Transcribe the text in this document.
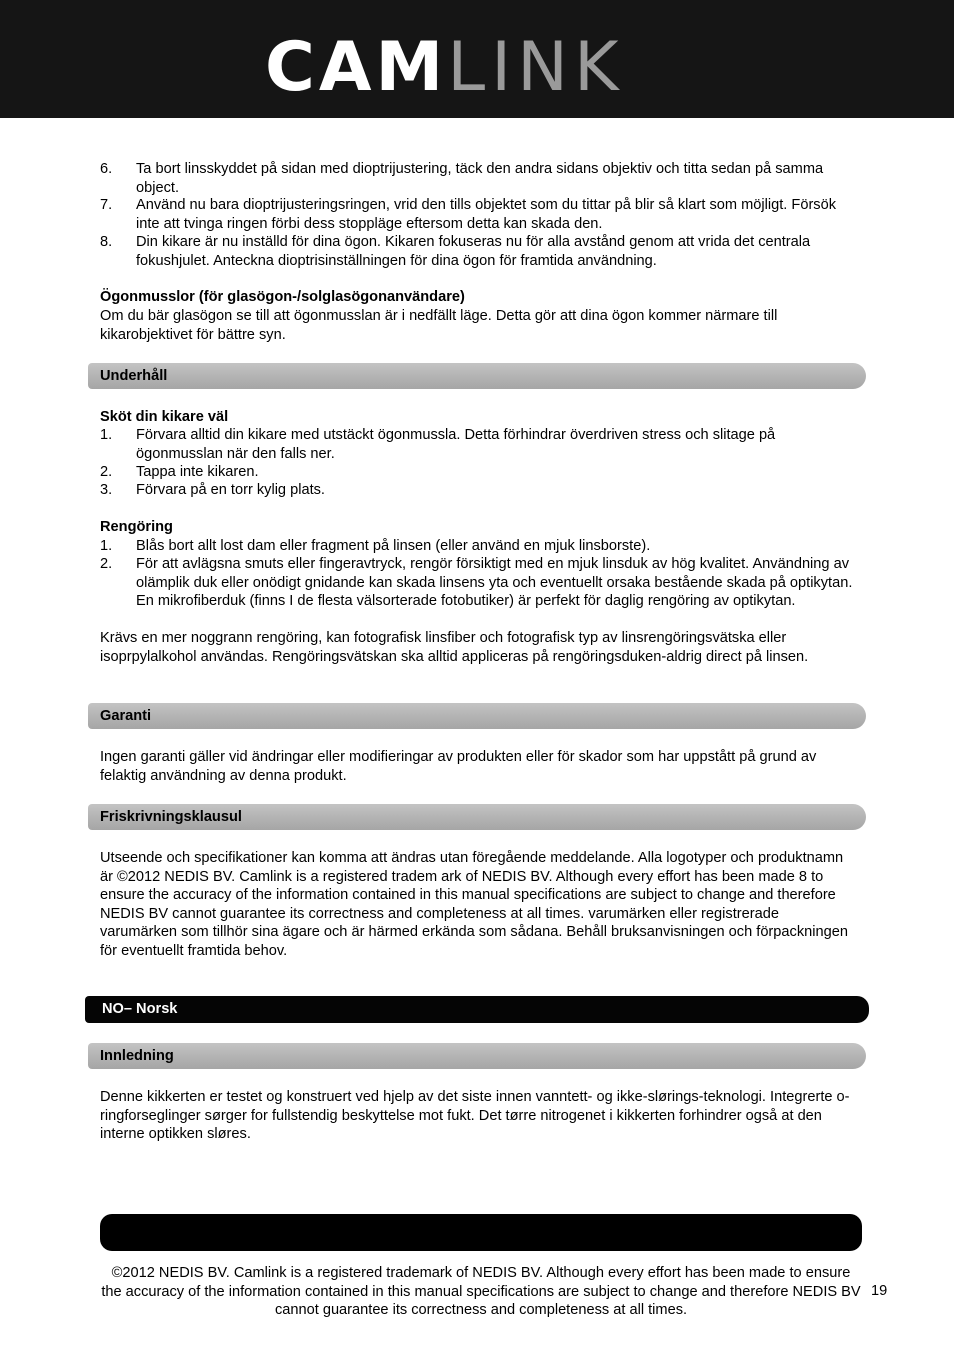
CAMLINK
6. Ta bort linsskyddet på sidan med dioptrijustering, täck den andra sidans objektiv och titta sedan på samma object.
7. Använd nu bara dioptrijusteringsringen, vrid den tills objektet som du tittar på blir så klart som möjligt. Försök inte att tvinga ringen förbi dess stoppläge eftersom detta kan skada den.
8. Din kikare är nu inställd för dina ögon. Kikaren fokuseras nu för alla avstånd genom att vrida det centrala fokushjulet. Anteckna dioptrisinställningen för dina ögon för framtida användning.
Ögonmusslor (för glasögon-/solglasögonanvändare)
Om du bär glasögon se till att ögonmusslan är i nedfällt läge. Detta gör att dina ögon kommer närmare till kikarobjektivet för bättre syn.
Underhåll
Sköt din kikare väl
1. Förvara alltid din kikare med utstäckt ögonmussla. Detta förhindrar överdriven stress och slitage på ögonmusslan när den falls ner.
2. Tappa inte kikaren.
3. Förvara på en torr kylig plats.
Rengöring
1. Blås bort allt lost dam eller fragment på linsen (eller använd en mjuk linsborste).
2. För att avlägsna smuts eller fingeravtryck, rengör försiktigt med en mjuk linsduk av hög kvalitet. Användning av olämplik duk eller onödigt gnidande kan skada linsens yta och eventuellt orsaka bestående skada på optikytan. En mikrofiberduk (finns I de flesta välsorterade fotobutiker) är perfekt för daglig rengöring av optikytan.
Krävs en mer noggrann rengöring, kan fotografisk linsfiber och fotografisk typ av linsrengöringsvätska eller isoprpylalkohol användas. Rengöringsvätskan ska alltid appliceras på rengöringsduken-aldrig direct på linsen.
Garanti
Ingen garanti gäller vid ändringar eller modifieringar av produkten eller för skador som har uppstått på grund av felaktig användning av denna produkt.
Friskrivningsklausul
Utseende och specifikationer kan komma att ändras utan föregående meddelande. Alla logotyper och produktnamn är ©2012 NEDIS BV. Camlink is a registered tradem ark of NEDIS BV. Although every effort has been made 8 to ensure the accuracy of the information contained in this manual specifications are subject to change and therefore NEDIS BV cannot guarantee its correctness and completeness at all times. varumärken eller registrerade varumärken som tillhör sina ägare och är härmed erkända som sådana. Behåll bruksanvisningen och förpackningen för eventuellt framtida behov.
NO– Norsk
Innledning
Denne kikkerten er testet og konstruert ved hjelp av det siste innen vanntett- og ikke-slørings-teknologi. Integrerte o-ringforseglinger sørger for fullstendig beskyttelse mot fukt. Det tørre nitrogenet i kikkerten forhindrer også at den interne optikken sløres.
©2012 NEDIS BV. Camlink is a registered trademark of NEDIS BV. Although every effort has been made to ensure the accuracy of the information contained in this manual specifications are subject to change and therefore NEDIS BV cannot guarantee its correctness and completeness at all times.
19
